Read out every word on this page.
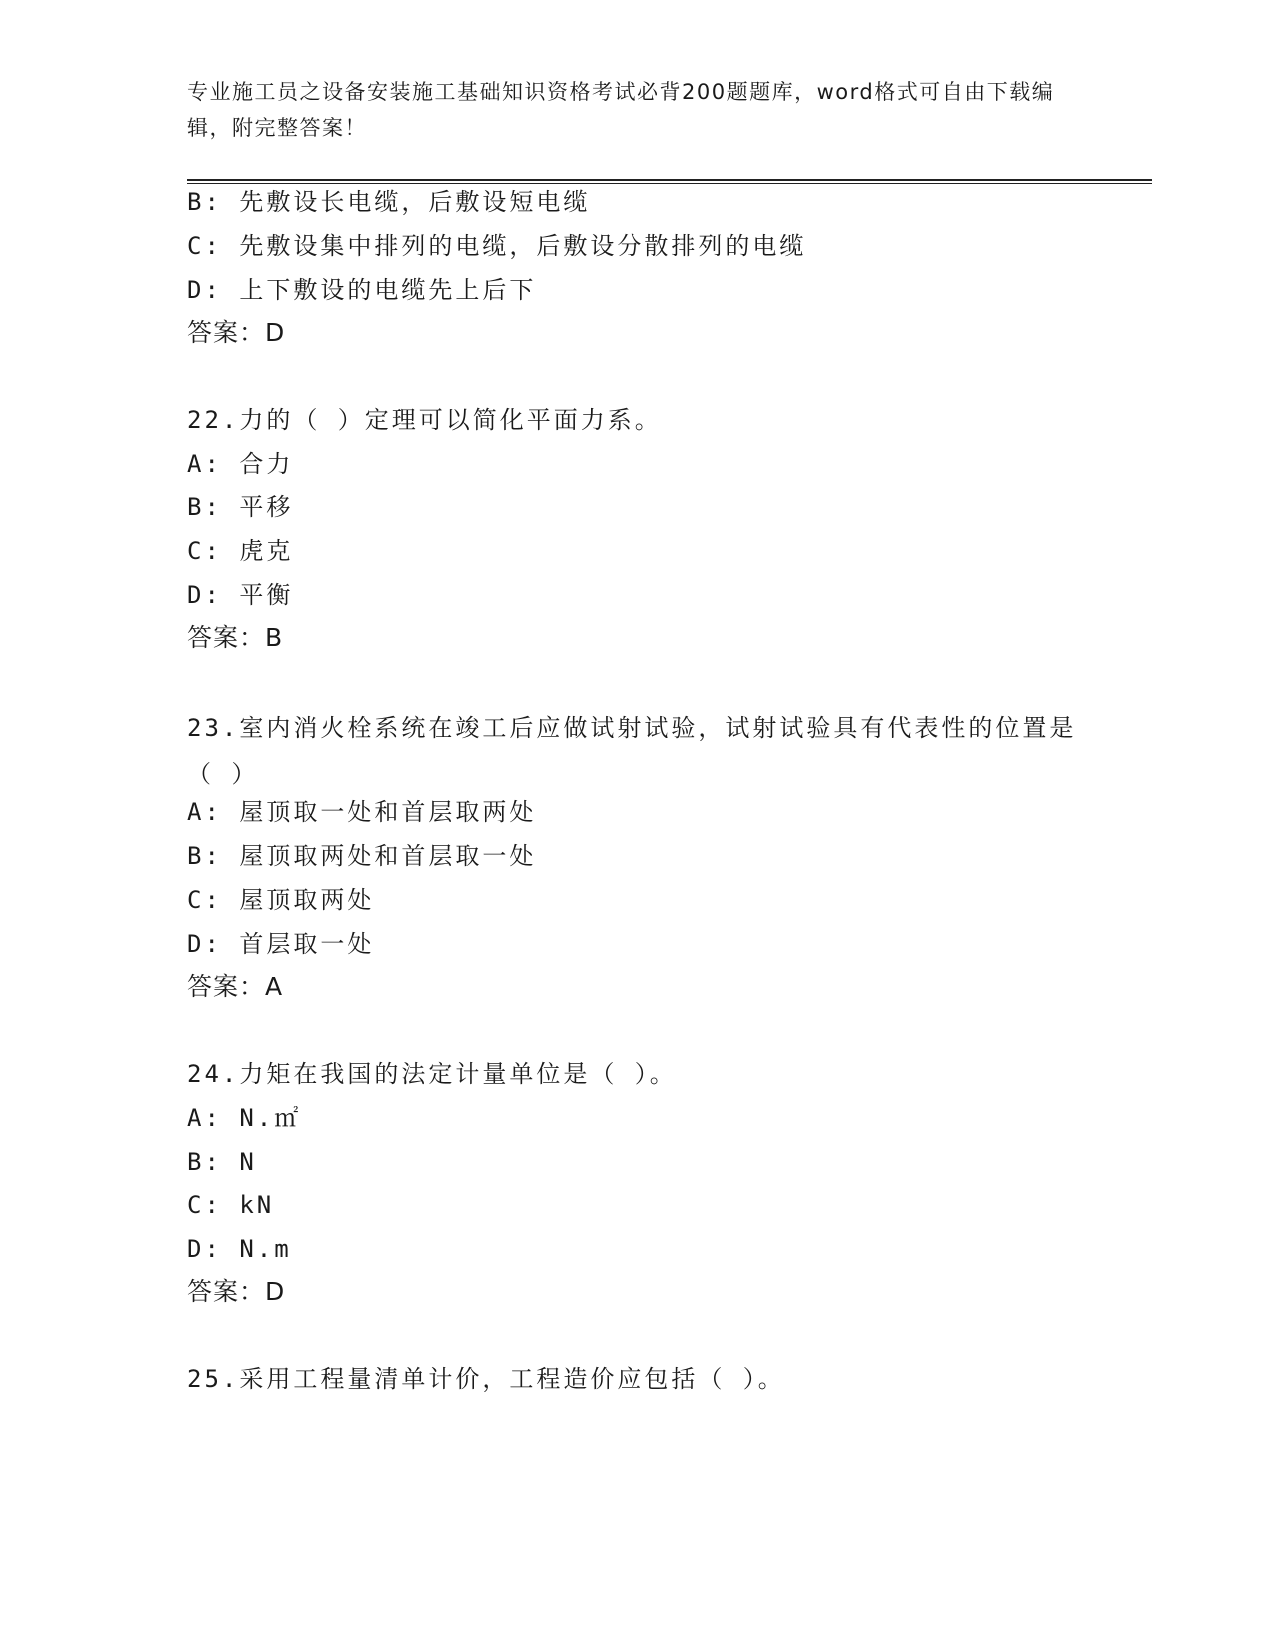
专业施工员之设备安装施工基础知识资格考试必背200题题库，word格式可自由下载编辑，附完整答案！
B: 先敷设长电缆，后敷设短电缆
C: 先敷设集中排列的电缆，后敷设分散排列的电缆
D: 上下敷设的电缆先上后下
答案：D
22.力的（ ）定理可以简化平面力系。
A: 合力
B: 平移
C: 虎克
D: 平衡
答案：B
23.室内消火栓系统在竣工后应做试射试验，试射试验具有代表性的位置是（ ）
A: 屋顶取一处和首层取两处
B: 屋顶取两处和首层取一处
C: 屋顶取两处
D: 首层取一处
答案：A
24.力矩在我国的法定计量单位是（ ）。
A: N.㎡
B: N
C: kN
D: N.m
答案：D
25.采用工程量清单计价，工程造价应包括（ ）。
